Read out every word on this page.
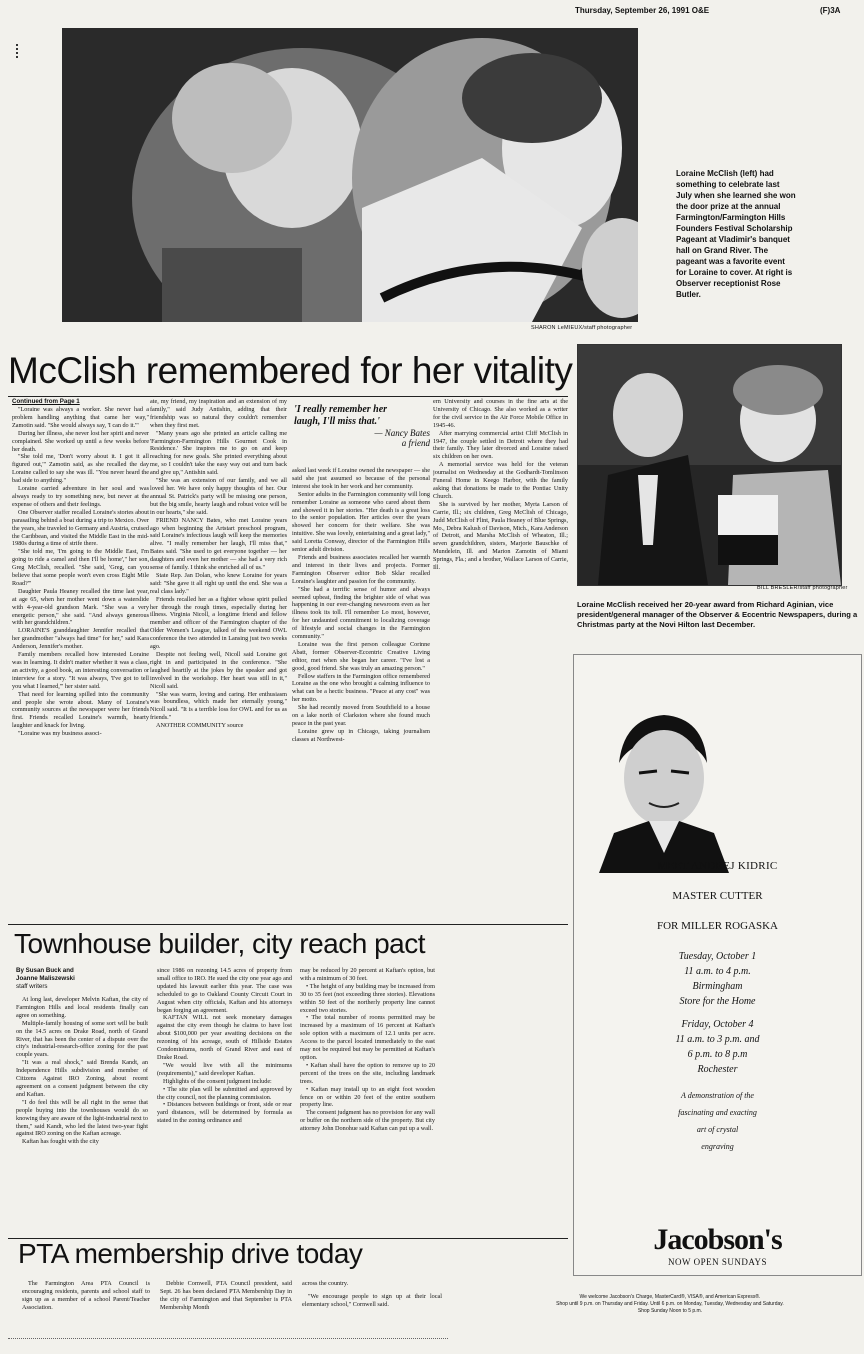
Thursday, September 26, 1991 O&E	(F)3A
SHARON LeMIEUX/staff photographer
Loraine McClish (left) had
something to celebrate last
July when she learned she won
the door prize at the annual
Farmington/Farmington Hills
Founders Festival Scholarship
Pageant at Vladimir's banquet
hall on Grand River. The
pageant was a favorite event
for Loraine to cover. At right is
Observer receptionist Rose
Butler.
McClish remembered for her vitality
Continued from Page 1

"Loraine was always a worker. She never had a problem handling anything that came her way," Zamotin said. "She would always say, 'I can do it.'"

During her illness, she never lost her spirit and never complained. She worked up until a few weeks before her death.

"She told me, 'Don't worry about it. I got it all figured out,'" Zamotin said, as she recalled the day Loraine called to say she was ill. "You never heard the bad side to anything."

Loraine carried adventure in her soul and was always ready to try something new, but never at the expense of others and their feelings.

One Observer staffer recalled Loraine's stories about parasailing behind a boat during a trip to Mexico. Over the years, she traveled to Germany and Austria, cruised the Caribbean, and visited the Middle East in the mid-1980s during a time of strife there.

"She told me, 'I'm going to the Middle East, I'm going to ride a camel and then I'll be home'," her son, Greg McClish, recalled. "She said, 'Greg, can you believe that some people won't even cross Eight Mile Road?'"

Daughter Paula Heaney recalled the time last year, at age 65, when her mother went down a waterslide with 4-year-old grandson Mark. "She was a very energetic person," she said. "And always generous with her grandchildren."

LORAINE'S granddaughter Jennifer recalled that her grandmother "always had time" for her," said Kara Anderson, Jennifer's mother.

Family members recalled how interested Loraine was in learning. It didn't matter whether it was a class, an activity, a good book, an interesting conversation or interview for a story. "It was always, 'I've got to tell you what I learned,'" her sister said.

That need for learning spilled into the community and people she wrote about. Many of Loraine's community sources at the newspaper were her friends first. Friends recalled Loraine's warmth, hearty laughter and knack for living.

"Loraine was my business associ-

ate, my friend, my inspiration and an extension of my family," said Judy Antishin, adding that their friendship was so natural they couldn't remember when they first met.

"Many years ago she printed an article calling me 'Farmington-Farmington Hills Gourmet Cook in Residence.' She inspires me to go on and keep reaching for new goals. She printed everything about me, so I couldn't take the easy way out and turn back and give up," Antishin said.

"She was an extension of our family, and we all loved her. We have only happy thoughts of her. Our annual St. Patrick's party will be missing one person, but the big smile, hearty laugh and robust voice will be in our hearts," she said.

FRIEND NANCY Bates, who met Loraine years ago when beginning the Artstart preschool program, said Loraine's infectious laugh will keep the memories alive. "I really remember her laugh, I'll miss that," Bates said. "She used to get everyone together — her daughters and even her mother — she had a very rich sense of family. I think she enriched all of us."

State Rep. Jan Dolan, who knew Loraine for years said: "She gave it all right up until the end. She was a real class lady."

Friends recalled her as a fighter whose spirit pulled her through the rough times, especially during her illness. Virginia Nicoll, a longtime friend and fellow member and officer of the Farmington chapter of the Older Women's League, talked of the weekend OWL conference the two attended in Lansing just two weeks ago.

Despite not feeling well, Nicoll said Loraine got right in and participated in the conference. "She laughed heartily at the jokes by the speaker and got involved in the workshop. Her heart was still in it," Nicoll said.

"She was warm, loving and caring. Her enthusiasm was boundless, which made her eternally young," Nicoll said. "It is a terrible loss for OWL and for us as friends."

ANOTHER COMMUNITY source

'I really remember her
laugh, I'll miss that.'
— Nancy Bates
a friend

asked last week if Loraine owned the newspaper — she said she just assumed so because of the personal interest she took in her work and her community.

Senior adults in the Farmington community will long remember Loraine as someone who cared about them and showed it in her stories. "Her death is a great loss to the senior population. Her articles over the years showed her concern for their welfare. She was intuitive. She was lovely, entertaining and a great lady," said Loretta Conway, director of the Farmington Hills senior adult division.

Friends and business associates recalled her warmth and interest in their lives and projects. Former Farmington Observer editor Bob Sklar recalled Loraine's laughter and passion for the community.

"She had a terrific sense of humor and always seemed upbeat, finding the brighter side of what was happening in our ever-changing newsroom even as her illness took its toll. I'll remember Lo most, however, for her undaunted commitment to localizing coverage of lifestyle and social changes in the Farmington community."

Loraine was the first person colleague Corinne Abatt, former Observer-Eccentric Creative Living editor, met when she began her career. "I've lost a good, good friend. She was truly an amazing person."

Fellow staffers in the Farmington office remembered Loraine as the one who brought a calming influence to what can be a hectic business. "Peace at any cost" was her motto.

She had recently moved from Southfield to a house on a lake north of Clarkston where she found much peace in the past year.

Loraine grew up in Chicago, taking journalism classes at Northwest-

ern University and courses in the fine arts at the University of Chicago. She also worked as a writer for the civil service in the Air Force Mobile Office in 1945-46.

After marrying commercial artist Cliff McClish in 1947, the couple settled in Detroit where they had their family. They later divorced and Loraine raised six children on her own.

A memorial service was held for the veteran journalist on Wednesday at the Godhardt-Tomlinson Funeral Home in Keego Harbor, with the family asking that donations be made to the Pontiac Unity Church.

She is survived by her mother, Myrta Larson of Carrie, Ill.; six children, Greg McClish of Chicago, Judd McClish of Flint, Paula Heaney of Blue Springs, Mo., Debra Kalush of Davison, Mich., Kara Anderson of Detroit, and Marsha McClish of Wheaton, Ill.; seven grandchildren, sisters, Marjorie Bauschke of Mundelein, Ill. and Marion Zamotin of Miami Springs, Fla.; and a brother, Wallace Larson of Carrie, Ill.

BILL BRESLER/staff photographer
Loraine McClish received her 20-year award from Richard Aginian, vice president/general manager of the Observer & Eccentric Newspapers, during a Christmas party at the Novi Hilton last December.
MEET ANDREJ KIDRIC
MASTER CUTTER
FOR MILLER ROGASKA
Tuesday, October 1
11 a.m. to 4 p.m.
Birmingham
Store for the Home
Friday, October 4
11 a.m. to 3 p.m. and
6 p.m. to 8 p.m
Rochester
A demonstration of the
fascinating and exacting
art of crystal
engraving
Jacobson's
NOW OPEN SUNDAYS
We welcome Jacobson's Charge, MasterCard®, VISA®, and American Express®.
Shop until 9 p.m. on Thursday and Friday. Until 6 p.m. on Monday, Tuesday, Wednesday and Saturday.
Shop Sunday Noon to 5 p.m.
Townhouse builder, city reach pact
By Susan Buck and
Joanne Maliszewski
staff writers

At long last, developer Melvin Kaftan, the city of Farmington Hills and local residents finally can agree on something.

Multiple-family housing of some sort will be built on the 14.5 acres on Drake Road, north of Grand River, that has been the center of a dispute over the city's industrial-research-office zoning for the past couple years.

"It was a real shock," said Brenda Kandt, an Independence Hills subdivision and member of Citizens Against IRO Zoning, about recent agreement on a consent judgment between the city and Kaftan.

"I do feel this will be all right in the sense that people buying into the townhouses would do so knowing they are aware of the light-industrial next to them," said Kandt, who led the latest two-year fight against IRO zoning on the Kaftan acreage.

Kaftan has fought with the city

since 1986 on rezoning 14.5 acres of property from small office to IRO. He sued the city one year ago and updated his lawsuit earlier this year. The case was scheduled to go to Oakland County Circuit Court in August when city officials, Kaftan and his attorneys began forging an agreement.

KAFTAN WILL not seek monetary damages against the city even though he claims to have lost about $100,000 per year awaiting decisions on the rezoning of his acreage, south of Hillside Estates Condominiums, north of Grand River and east of Drake Road.

"We would live with all the minimums (requirements)," said developer Kaftan.

Highlights of the consent judgment include:

• The site plan will be submitted and approved by the city council, not the planning commission.

• Distances between buildings or front, side or rear yard distances, will be determined by formula as stated in the zoning ordinance and

may be reduced by 20 percent at Kaftan's option, but with a minimum of 30 feet.

• The height of any building may be increased from 30 to 35 feet (not exceeding three stories). Elevations within 50 feet of the northerly property line cannot exceed two stories.

• The total number of rooms permitted may be increased by a maximum of 16 percent at Kaftan's sole option with a maximum of 12.1 units per acre. Access to the parcel located immediately to the east may not be required but may be permitted at Kaftan's option.

• Kaftan shall have the option to remove up to 20 percent of the trees on the site, including landmark trees.

• Kaftan may install up to an eight foot wooden fence on or within 20 feet of the entire southern property line.

The consent judgment has no provision for any wall or buffer on the northern side of the property. But city attorney John Donohue said Kaftan can put up a wall.

PTA membership drive today

The Farmington Area PTA Council is encouraging residents, parents and school staff to sign up as a member of a school Parent/Teacher Association.

Debbie Cornwell, PTA Council president, said Sept. 26 has been declared PTA Membership Day in the city of Farmington and that September is PTA Membership Month

across the country.

"We encourage people to sign up at their local elementary school," Cornwell said.
